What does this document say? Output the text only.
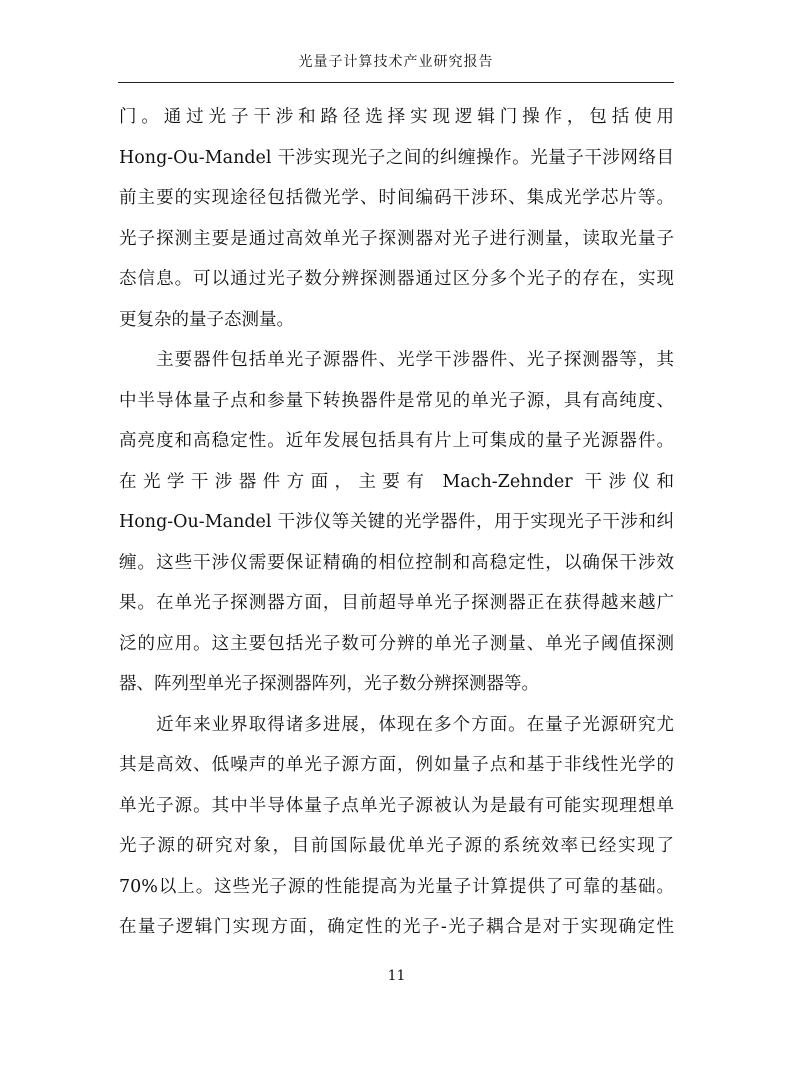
光量子计算技术产业研究报告
门。通过光子干涉和路径选择实现逻辑门操作，包括使用
Hong-Ou-Mandel 干涉实现光子之间的纠缠操作。光量子干涉网络目
前主要的实现途径包括微光学、时间编码干涉环、集成光学芯片等。
光子探测主要是通过高效单光子探测器对光子进行测量，读取光量子
态信息。可以通过光子数分辨探测器通过区分多个光子的存在，实现
更复杂的量子态测量。
　　主要器件包括单光子源器件、光学干涉器件、光子探测器等，其
中半导体量子点和参量下转换器件是常见的单光子源，具有高纯度、
高亮度和高稳定性。近年发展包括具有片上可集成的量子光源器件。
在光学干涉器件方面，主要有 Mach-Zehnder 干涉仪和
Hong-Ou-Mandel 干涉仪等关键的光学器件，用于实现光子干涉和纠
缠。这些干涉仪需要保证精确的相位控制和高稳定性，以确保干涉效
果。在单光子探测器方面，目前超导单光子探测器正在获得越来越广
泛的应用。这主要包括光子数可分辨的单光子测量、单光子阈值探测
器、阵列型单光子探测器阵列，光子数分辨探测器等。
　　近年来业界取得诸多进展，体现在多个方面。在量子光源研究尤
其是高效、低噪声的单光子源方面，例如量子点和基于非线性光学的
单光子源。其中半导体量子点单光子源被认为是最有可能实现理想单
光子源的研究对象，目前国际最优单光子源的系统效率已经实现了
70%以上。这些光子源的性能提高为光量子计算提供了可靠的基础。
在量子逻辑门实现方面，确定性的光子-光子耦合是对于实现确定性
11
